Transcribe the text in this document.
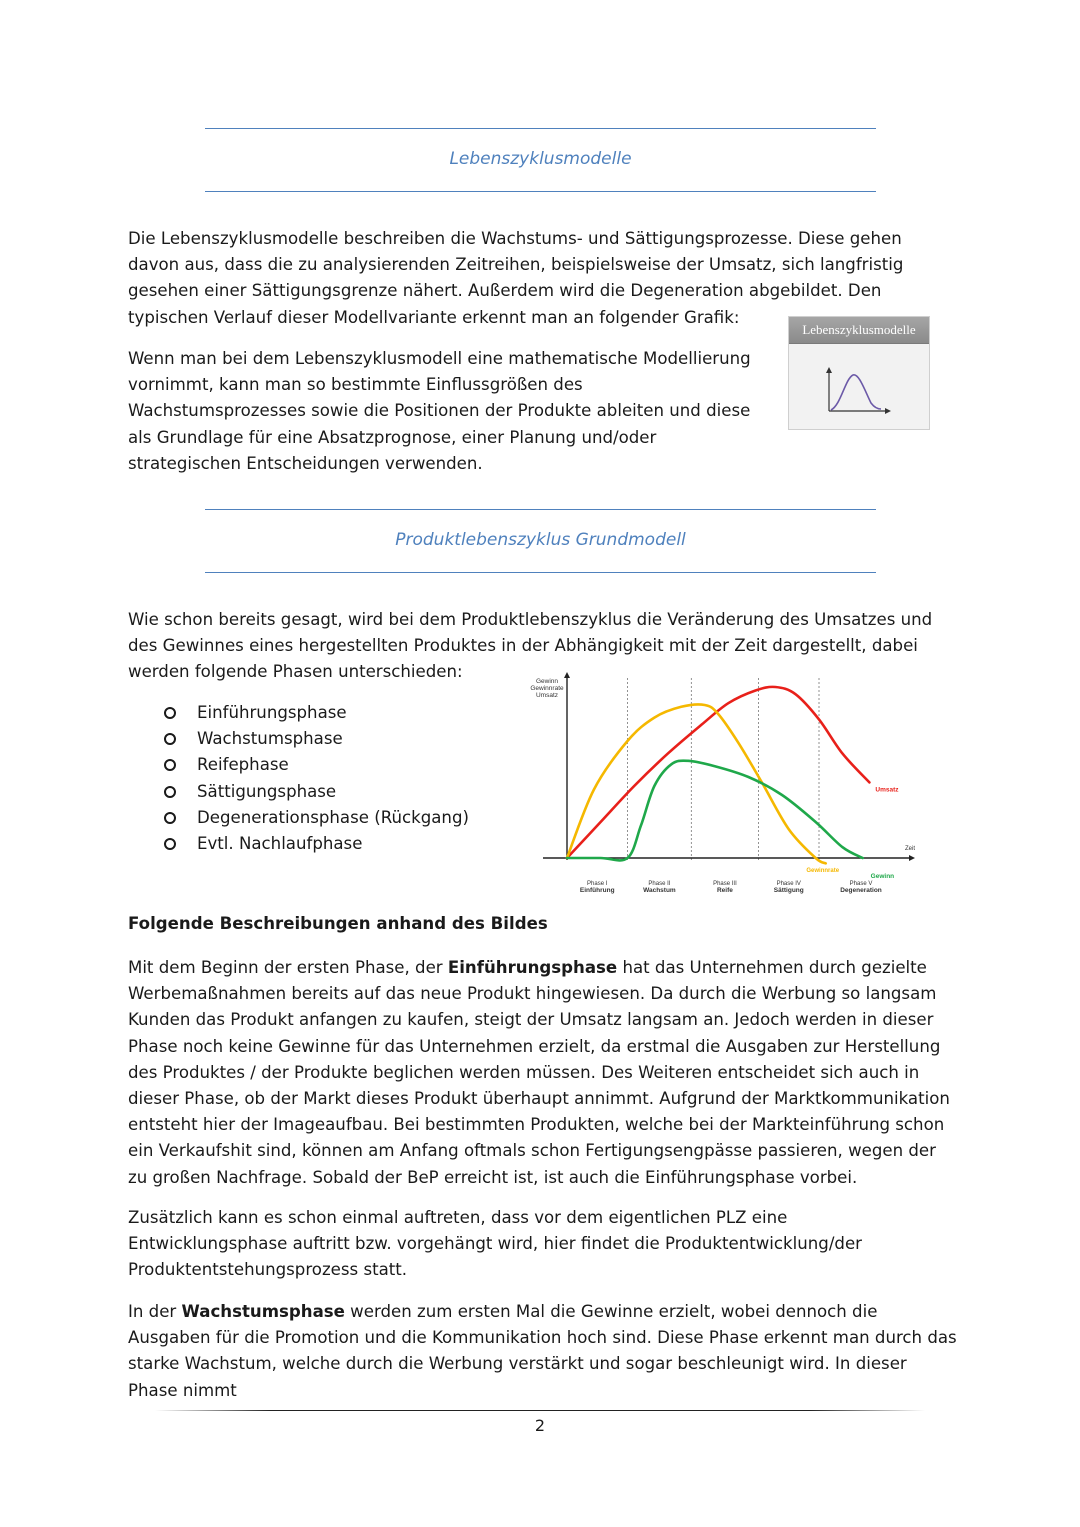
Lebenszyklusmodelle

Die Lebenszyklusmodelle beschreiben die Wachstums- und Sättigungsprozesse. Diese gehen davon aus, dass die zu analysierenden Zeitreihen, beispielsweise der Umsatz, sich langfristig gesehen einer Sättigungsgrenze nähert. Außerdem wird die Degeneration abgebildet. Den typischen Verlauf dieser Modellvariante erkennt man an folgender Grafik:

Lebenszyklusmodelle

Wenn man bei dem Lebenszyklusmodell eine mathematische Modellierung vornimmt, kann man so bestimmte Einflussgrößen des Wachstumsprozesses sowie die Positionen der Produkte ableiten und diese als Grundlage für eine Absatzprognose, einer Planung und/oder strategischen Entscheidungen verwenden.

Produktlebenszyklus Grundmodell

Wie schon bereits gesagt, wird bei dem Produktlebenszyklus die Veränderung des Umsatzes und des Gewinnes eines hergestellten Produktes in der Abhängigkeit mit der Zeit dargestellt, dabei werden folgende Phasen unterschieden:

Einführungsphase
Wachstumsphase
Reifephase
Sättigungsphase
Degenerationsphase (Rückgang)
Evtl. Nachlaufphase
Gewinn
Gewinnrate
Umsatz
Zeit
Umsatz
Gewinn
Gewinnrate
Phase I
Einführung
Phase II
Wachstum
Phase III
Reife
Phase IV
Sättigung
Phase V
Degeneration
Folgende Beschreibungen anhand des Bildes

Mit dem Beginn der ersten Phase, der Einführungsphase hat das Unternehmen durch gezielte Werbemaßnahmen bereits auf das neue Produkt hingewiesen. Da durch die Werbung so langsam Kunden das Produkt anfangen zu kaufen, steigt der Umsatz langsam an. Jedoch werden in dieser Phase noch keine Gewinne für das Unternehmen erzielt, da erstmal die Ausgaben zur Herstellung des Produktes / der Produkte beglichen werden müssen. Des Weiteren entscheidet sich auch in dieser Phase, ob der Markt dieses Produkt überhaupt annimmt. Aufgrund der Marktkommunikation entsteht hier der Imageaufbau. Bei bestimmten Produkten, welche bei der Markteinführung schon ein Verkaufshit sind, können am Anfang oftmals schon Fertigungsengpässe passieren, wegen der zu großen Nachfrage. Sobald der BeP erreicht ist, ist auch die Einführungsphase vorbei.

Zusätzlich kann es schon einmal auftreten, dass vor dem eigentlichen PLZ eine Entwicklungsphase auftritt bzw. vorgehängt wird, hier findet die Produktentwicklung/der Produktentstehungsprozess statt.

In der Wachstumsphase werden zum ersten Mal die Gewinne erzielt, wobei dennoch die Ausgaben für die Promotion und die Kommunikation hoch sind. Diese Phase erkennt man durch das starke Wachstum, welche durch die Werbung verstärkt und sogar beschleunigt wird. In dieser Phase nimmt

2
